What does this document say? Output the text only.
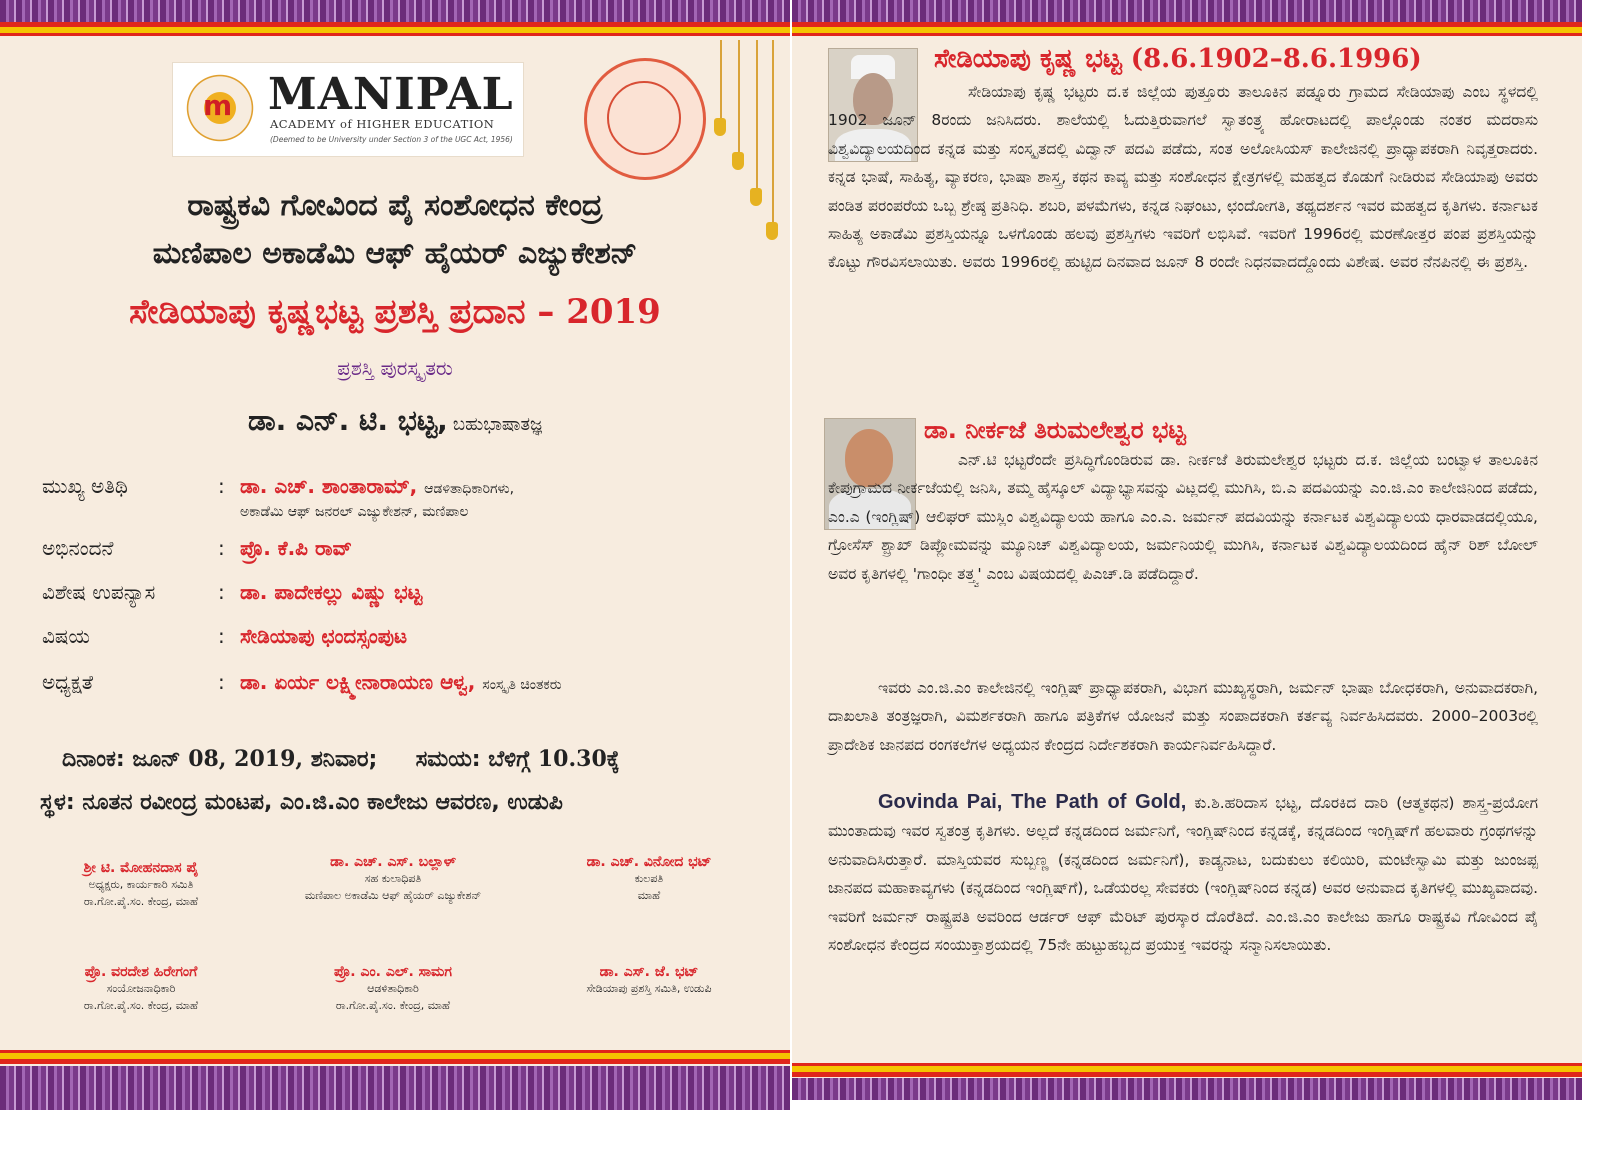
m MANIPAL
ACADEMY of HIGHER EDUCATION
(Deemed to be University under Section 3 of the UGC Act, 1956)
ರಾಷ್ಟ್ರಕವಿ ಗೋವಿಂದ ಪೈ ಸಂಶೋಧನ ಕೇಂದ್ರ
ಮಣಿಪಾಲ ಅಕಾಡೆಮಿ ಆಫ್ ಹೈಯರ್ ಎಜ್ಯುಕೇಶನ್
ಸೇಡಿಯಾಪು ಕೃಷ್ಣಭಟ್ಟ ಪ್ರಶಸ್ತಿ ಪ್ರದಾನ – 2019
ಪ್ರಶಸ್ತಿ ಪುರಸ್ಕೃತರು
ಡಾ. ಎನ್. ಟಿ. ಭಟ್ಟ, ಬಹುಭಾಷಾತಜ್ಞ
ಮುಖ್ಯ ಅತಿಥಿ	: ಡಾ. ಎಚ್. ಶಾಂತಾರಾಮ್, ಆಡಳಿತಾಧಿಕಾರಿಗಳು,
ಅಕಾಡೆಮಿ ಆಫ್ ಜನರಲ್ ಎಜ್ಯುಕೇಶನ್, ಮಣಿಪಾಲ
ಅಭಿನಂದನೆ	: ಪ್ರೊ. ಕೆ.ಪಿ ರಾವ್
ವಿಶೇಷ ಉಪನ್ಯಾಸ	: ಡಾ. ಪಾದೇಕಲ್ಲು ವಿಷ್ಣು ಭಟ್ಟ
ವಿಷಯ	: ಸೇಡಿಯಾಪು ಛಂದಸ್ಸಂಪುಟ
ಅಧ್ಯಕ್ಷತೆ	: ಡಾ. ಏರ್ಯ ಲಕ್ಷ್ಮೀನಾರಾಯಣ ಆಳ್ವ, ಸಂಸ್ಕೃತಿ ಚಿಂತಕರು
ದಿನಾಂಕ: ಜೂನ್ 08, 2019, ಶನಿವಾರ; ಸಮಯ: ಬೆಳಿಗ್ಗೆ 10.30ಕ್ಕೆ
ಸ್ಥಳ: ನೂತನ ರವೀಂದ್ರ ಮಂಟಪ, ಎಂ.ಜಿ.ಎಂ ಕಾಲೇಜು ಆವರಣ, ಉಡುಪಿ
ಶ್ರೀ ಟಿ. ಮೋಹನದಾಸ ಪೈ
ಅಧ್ಯಕ್ಷರು, ಕಾರ್ಯಕಾರಿ ಸಮಿತಿ
ರಾ.ಗೋ.ಪೈ.ಸಂ. ಕೇಂದ್ರ, ಮಾಹೆ
ಡಾ. ಎಚ್. ಎಸ್. ಬಲ್ಲಾಳ್
ಸಹ ಕುಲಾಧಿಪತಿ
ಮಣಿಪಾಲ ಅಕಾಡೆಮಿ ಆಫ್ ಹೈಯರ್ ಎಜ್ಯುಕೇಶನ್
ಡಾ. ಎಚ್. ವಿನೋದ ಭಟ್
ಕುಲಪತಿ
ಮಾಹೆ
ಪ್ರೊ. ವರದೇಶ ಹಿರೇಗಂಗೆ
ಸಂಯೋಜನಾಧಿಕಾರಿ
ರಾ.ಗೋ.ಪೈ.ಸಂ. ಕೇಂದ್ರ, ಮಾಹೆ
ಪ್ರೊ. ಎಂ. ಎಲ್. ಸಾಮಗ
ಆಡಳಿತಾಧಿಕಾರಿ
ರಾ.ಗೋ.ಪೈ.ಸಂ. ಕೇಂದ್ರ, ಮಾಹೆ
ಡಾ. ಎಸ್. ಜೆ. ಭಟ್
ಸೇಡಿಯಾಪು ಪ್ರಶಸ್ತಿ ಸಮಿತಿ, ಉಡುಪಿ
ಸೇಡಿಯಾಪು ಕೃಷ್ಣ ಭಟ್ಟ (8.6.1902–8.6.1996)
ಸೇಡಿಯಾಪು ಕೃಷ್ಣ ಭಟ್ಟರು ದ.ಕ ಜಿಲ್ಲೆಯ ಪುತ್ತೂರು ತಾಲೂಕಿನ ಪಡ್ನೂರು ಗ್ರಾಮದ ಸೇಡಿಯಾಪು ಎಂಬ ಸ್ಥಳದಲ್ಲಿ 1902 ಜೂನ್ 8ರಂದು ಜನಿಸಿದರು. ಶಾಲೆಯಲ್ಲಿ ಓದುತ್ತಿರುವಾಗಲೆ ಸ್ವಾತಂತ್ರ್ಯ ಹೋರಾಟದಲ್ಲಿ ಪಾಲ್ಗೊಂಡು ನಂತರ ಮದರಾಸು ವಿಶ್ವವಿದ್ಯಾಲಯದಿಂದ ಕನ್ನಡ ಮತ್ತು ಸಂಸ್ಕೃತದಲ್ಲಿ ವಿದ್ವಾನ್ ಪದವಿ ಪಡೆದು, ಸಂತ ಅಲೋಸಿಯಸ್ ಕಾಲೇಜಿನಲ್ಲಿ ಪ್ರಾಧ್ಯಾಪಕರಾಗಿ ನಿವೃತ್ತರಾದರು. ಕನ್ನಡ ಭಾಷೆ, ಸಾಹಿತ್ಯ, ವ್ಯಾಕರಣ, ಭಾಷಾ ಶಾಸ್ತ್ರ, ಕಥನ ಕಾವ್ಯ ಮತ್ತು ಸಂಶೋಧನ ಕ್ಷೇತ್ರಗಳಲ್ಲಿ ಮಹತ್ವದ ಕೊಡುಗೆ ನೀಡಿರುವ ಸೇಡಿಯಾಪು ಅವರು ಪಂಡಿತ ಪರಂಪರೆಯ ಒಬ್ಬ ಶ್ರೇಷ್ಠ ಪ್ರತಿನಿಧಿ. ಶಬರಿ, ಪಳಮೆಗಳು, ಕನ್ನಡ ನಿಘಂಟು, ಛಂದೋಗತಿ, ತಥ್ಯದರ್ಶನ ಇವರ ಮಹತ್ವದ ಕೃತಿಗಳು. ಕರ್ನಾಟಕ ಸಾಹಿತ್ಯ ಅಕಾಡೆಮಿ ಪ್ರಶಸ್ತಿಯನ್ನೂ ಒಳಗೊಂಡು ಹಲವು ಪ್ರಶಸ್ತಿಗಳು ಇವರಿಗೆ ಲಭಿಸಿವೆ. ಇವರಿಗೆ 1996ರಲ್ಲಿ ಮರಣೋತ್ತರ ಪಂಪ ಪ್ರಶಸ್ತಿಯನ್ನು ಕೊಟ್ಟು ಗೌರವಿಸಲಾಯಿತು. ಅವರು 1996ರಲ್ಲಿ ಹುಟ್ಟಿದ ದಿನವಾದ ಜೂನ್ 8 ರಂದೇ ನಿಧನವಾದದ್ದೊಂದು ವಿಶೇಷ. ಅವರ ನೆನಪಿನಲ್ಲಿ ಈ ಪ್ರಶಸ್ತಿ.
ಡಾ. ನೀರ್ಕಜೆ ತಿರುಮಲೇಶ್ವರ ಭಟ್ಟ
ಎನ್.ಟಿ ಭಟ್ಟರೆಂದೇ ಪ್ರಸಿದ್ಧಿಗೊಂಡಿರುವ ಡಾ. ನೀರ್ಕಜೆ ತಿರುಮಲೇಶ್ವರ ಭಟ್ಟರು ದ.ಕ. ಜಿಲ್ಲೆಯ ಬಂಟ್ವಾಳ ತಾಲೂಕಿನ ಕೇಪುಗ್ರಾಮದ ನೀರ್ಕಜೆಯಲ್ಲಿ ಜನಿಸಿ, ತಮ್ಮ ಹೈಸ್ಕೂಲ್ ವಿದ್ಯಾಭ್ಯಾಸವನ್ನು ವಿಟ್ಲದಲ್ಲಿ ಮುಗಿಸಿ, ಬಿ.ಎ ಪದವಿಯನ್ನು ಎಂ.ಜಿ.ಎಂ ಕಾಲೇಜಿನಿಂದ ಪಡೆದು, ಎಂ.ಎ (ಇಂಗ್ಲಿಷ್) ಆಲಿಘರ್ ಮುಸ್ಲಿಂ ವಿಶ್ವವಿದ್ಯಾಲಯ ಹಾಗೂ ಎಂ.ಎ. ಜರ್ಮನ್ ಪದವಿಯನ್ನು ಕರ್ನಾಟಕ ವಿಶ್ವವಿದ್ಯಾಲಯ ಧಾರವಾಡದಲ್ಲಿಯೂ, ಗ್ರೋಸೆಸ್ ಶ್ಪ್ರಾಖ್ ಡಿಪ್ಲೋಮವನ್ನು ಮ್ಯೂನಿಚ್ ವಿಶ್ವವಿದ್ಯಾಲಯ, ಜರ್ಮನಿಯಲ್ಲಿ ಮುಗಿಸಿ, ಕರ್ನಾಟಕ ವಿಶ್ವವಿದ್ಯಾಲಯದಿಂದ ಹೈನ್ ರಿಶ್ ಬೋಲ್ ಅವರ ಕೃತಿಗಳಲ್ಲಿ 'ಗಾಂಧೀ ತತ್ತ್ವ' ಎಂಬ ವಿಷಯದಲ್ಲಿ ಪಿಎಚ್.ಡಿ ಪಡೆದಿದ್ದಾರೆ.
ಇವರು ಎಂ.ಜಿ.ಎಂ ಕಾಲೇಜಿನಲ್ಲಿ ಇಂಗ್ಲಿಷ್ ಪ್ರಾಧ್ಯಾಪಕರಾಗಿ, ವಿಭಾಗ ಮುಖ್ಯಸ್ಥರಾಗಿ, ಜರ್ಮನ್ ಭಾಷಾ ಬೋಧಕರಾಗಿ, ಅನುವಾದಕರಾಗಿ, ದಾಖಲಾತಿ ತಂತ್ರಜ್ಞರಾಗಿ, ವಿಮರ್ಶಕರಾಗಿ ಹಾಗೂ ಪತ್ರಿಕೆಗಳ ಯೋಜನೆ ಮತ್ತು ಸಂಪಾದಕರಾಗಿ ಕರ್ತವ್ಯ ನಿರ್ವಹಿಸಿದವರು. 2000–2003ರಲ್ಲಿ ಪ್ರಾದೇಶಿಕ ಜಾನಪದ ರಂಗಕಲೆಗಳ ಅಧ್ಯಯನ ಕೇಂದ್ರದ ನಿರ್ದೇಶಕರಾಗಿ ಕಾರ್ಯನಿರ್ವಹಿಸಿದ್ದಾರೆ.
Govinda Pai, The Path of Gold, ಕು.ಶಿ.ಹರಿದಾಸ ಭಟ್ಟ, ದೊರಕಿದ ದಾರಿ (ಆತ್ಮಕಥನ) ಶಾಸ್ತ್ರ-ಪ್ರಯೋಗ ಮುಂತಾದುವು ಇವರ ಸ್ವತಂತ್ರ ಕೃತಿಗಳು. ಅಲ್ಲದೆ ಕನ್ನಡದಿಂದ ಜರ್ಮನಿಗೆ, ಇಂಗ್ಲಿಷ್‌ನಿಂದ ಕನ್ನಡಕ್ಕೆ, ಕನ್ನಡದಿಂದ ಇಂಗ್ಲಿಷ್‌ಗೆ ಹಲವಾರು ಗ್ರಂಥಗಳನ್ನು ಅನುವಾದಿಸಿರುತ್ತಾರೆ. ಮಾಸ್ತಿಯವರ ಸುಬ್ಬಣ್ಣ (ಕನ್ನಡದಿಂದ ಜರ್ಮನಿಗೆ), ಕಾಡ್ಯನಾಟ, ಬದುಕುಲು ಕಲಿಯಿರಿ, ಮಂಟೇಸ್ವಾಮಿ ಮತ್ತು ಜುಂಜಪ್ಪ ಜಾನಪದ ಮಹಾಕಾವ್ಯಗಳು (ಕನ್ನಡದಿಂದ ಇಂಗ್ಲಿಷ್‌ಗೆ), ಒಡೆಯರಲ್ಲ ಸೇವಕರು (ಇಂಗ್ಲಿಷ್‌ನಿಂದ ಕನ್ನಡ) ಅವರ ಅನುವಾದ ಕೃತಿಗಳಲ್ಲಿ ಮುಖ್ಯವಾದವು. ಇವರಿಗೆ ಜರ್ಮನ್ ರಾಷ್ಟ್ರಪತಿ ಅವರಿಂದ ಆರ್ಡರ್ ಆಫ್ ಮೆರಿಟ್ ಪುರಸ್ಕಾರ ದೊರೆತಿದೆ. ಎಂ.ಜಿ.ಎಂ ಕಾಲೇಜು ಹಾಗೂ ರಾಷ್ಟ್ರಕವಿ ಗೋವಿಂದ ಪೈ ಸಂಶೋಧನ ಕೇಂದ್ರದ ಸಂಯುಕ್ತಾಶ್ರಯದಲ್ಲಿ 75ನೇ ಹುಟ್ಟುಹಬ್ಬದ ಪ್ರಯುಕ್ತ ಇವರನ್ನು ಸನ್ಮಾನಿಸಲಾಯಿತು.
